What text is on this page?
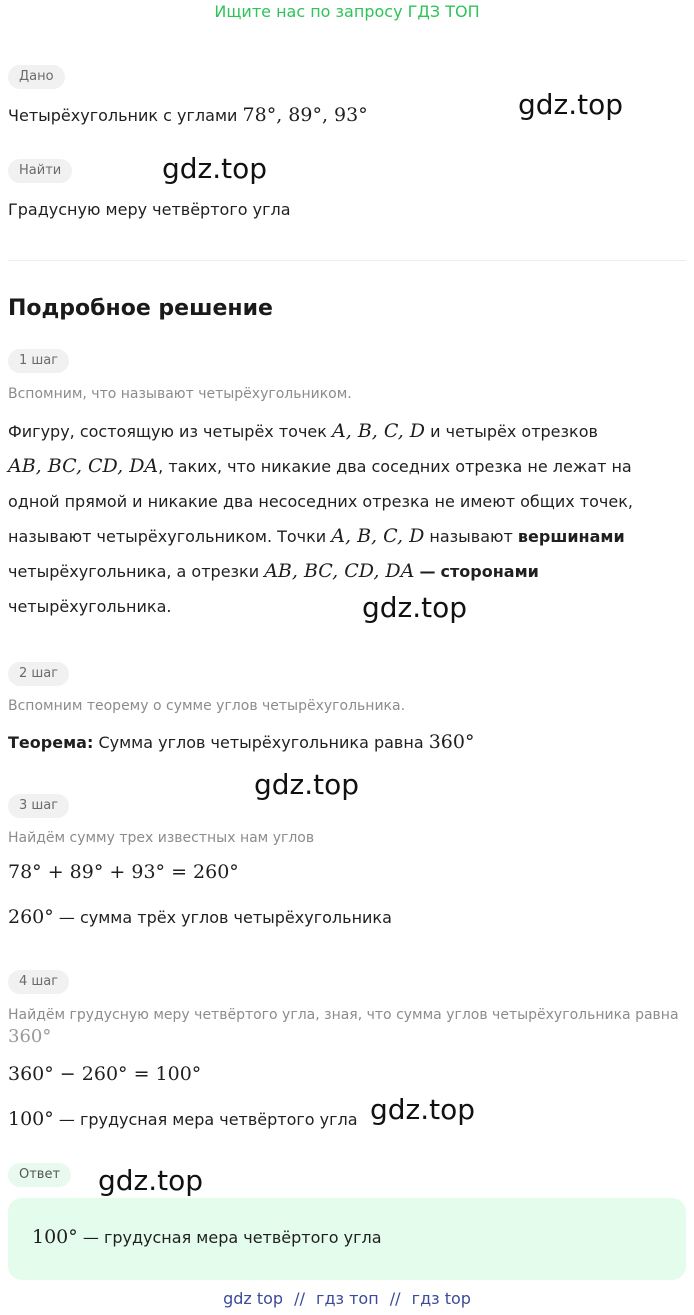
Ищите нас по запросу ГДЗ ТОП
Дано
Четырёхугольник с углами 78°, 89°, 93°
Найти
Градусную меру четвёртого угла
Подробное решение
1 шаг
Вспомним, что называют четырёхугольником.
Фигуру, состоящую из четырёх точек A, B, C, D и четырёх отрезков
AB, BC, CD, DA, таких, что никакие два соседних отрезка не лежат на
одной прямой и никакие два несоседних отрезка не имеют общих точек,
называют четырёхугольником. Точки A, B, C, D называют вершинами
четырёхугольника, а отрезки AB, BC, CD, DA — сторонами
четырёхугольника.
2 шаг
Вспомним теорему о сумме углов четырёхугольника.
Теорема: Сумма углов четырёхугольника равна 360°
3 шаг
Найдём сумму трех известных нам углов
78° + 89° + 93° = 260°
260° — сумма трёх углов четырёхугольника
4 шаг
Найдём грудусную меру четвёртого угла, зная, что сумма углов четырёхугольника равна
360°
360° − 260° = 100°
100° — грудусная мера четвёртого угла
Ответ
100° — грудусная мера четвёртого угла
gdz.top
gdz.top
gdz.top
gdz.top
gdz.top
gdz.top
gdz top // гдз топ // гдз top
